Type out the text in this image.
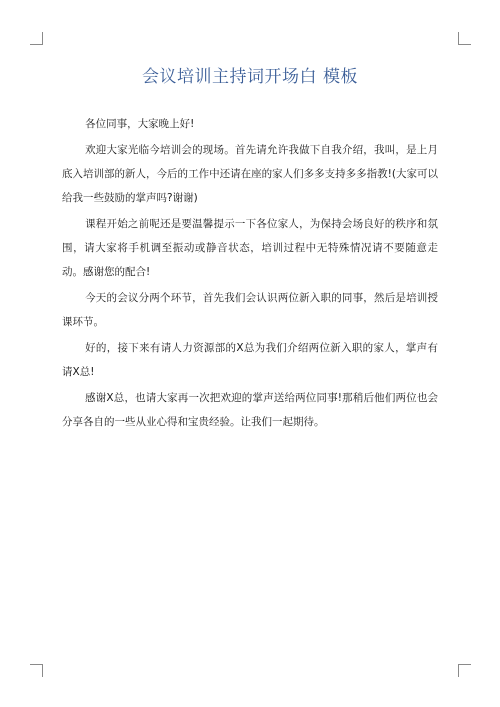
会议培训主持词开场白 模板

各位同事，大家晚上好!

欢迎大家光临今培训会的现场。首先请允许我做下自我介绍，我叫，是上月底入培训部的新人，今后的工作中还请在座的家人们多多支持多多指教!(大家可以给我一些鼓励的掌声吗?谢谢)

课程开始之前呢还是要温馨提示一下各位家人，为保持会场良好的秩序和氛围，请大家将手机调至振动或静音状态，培训过程中无特殊情况请不要随意走动。感谢您的配合!

今天的会议分两个环节，首先我们会认识两位新入职的同事，然后是培训授课环节。

好的，接下来有请人力资源部的X总为我们介绍两位新入职的家人，掌声有请X总!

感谢X总，也请大家再一次把欢迎的掌声送给两位同事!那稍后他们两位也会分享各自的一些从业心得和宝贵经验。让我们一起期待。
